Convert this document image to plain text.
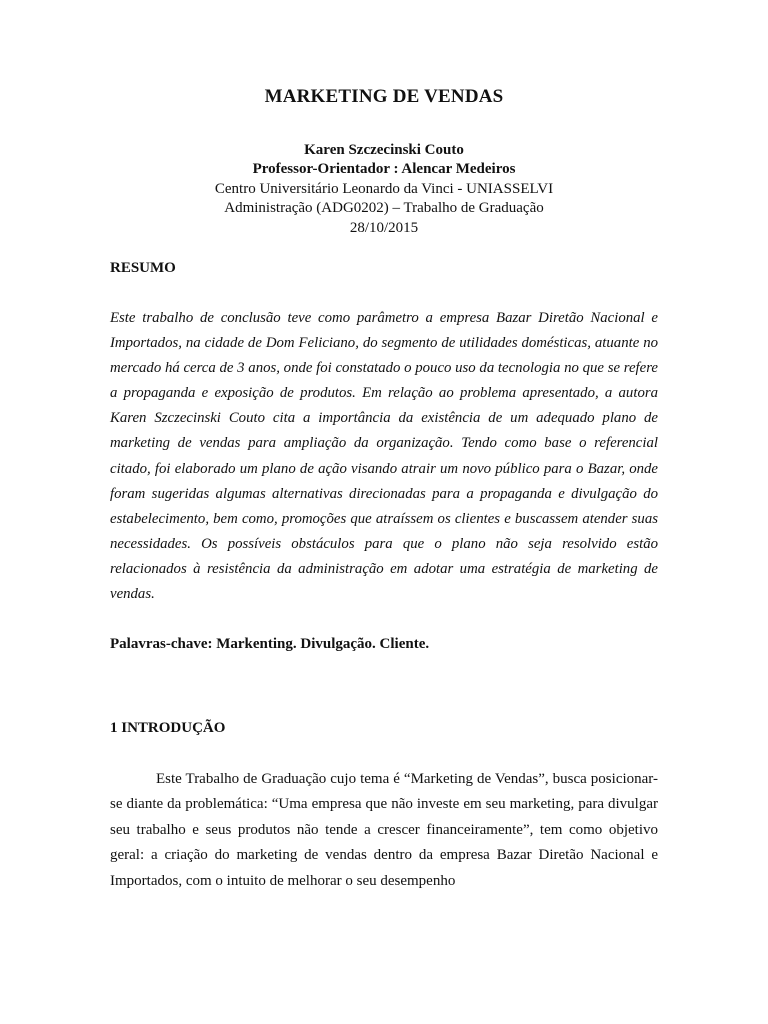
MARKETING DE VENDAS
Karen Szczecinski Couto
Professor-Orientador : Alencar Medeiros
Centro Universitário Leonardo da Vinci - UNIASSELVI
Administração (ADG0202) – Trabalho de Graduação
28/10/2015
RESUMO

Este trabalho de conclusão teve como parâmetro a empresa Bazar Diretão Nacional e Importados, na cidade de Dom Feliciano, do segmento de utilidades domésticas, atuante no mercado há cerca de 3 anos, onde foi constatado o pouco uso da tecnologia no que se refere a propaganda e exposição de produtos. Em relação ao problema apresentado, a autora Karen Szczecinski Couto cita a importância da existência de um adequado plano de marketing de vendas para ampliação da organização. Tendo como base o referencial citado, foi elaborado um plano de ação visando atrair um novo público para o Bazar, onde foram sugeridas algumas alternativas direcionadas para a propaganda e divulgação do estabelecimento, bem como, promoções que atraíssem os clientes e buscassem atender suas necessidades. Os possíveis obstáculos para que o plano não seja resolvido estão relacionados à resistência da administração em adotar uma estratégia de marketing de vendas.

Palavras-chave: Markenting. Divulgação. Cliente.
1 INTRODUÇÃO

Este Trabalho de Graduação cujo tema é “Marketing de Vendas”, busca posicionar-se diante da problemática: “Uma empresa que não investe em seu marketing, para divulgar seu trabalho e seus produtos não tende a crescer financeiramente”, tem como objetivo geral: a criação do marketing de vendas dentro da empresa Bazar Diretão Nacional e Importados, com o intuito de melhorar o seu desempenho
